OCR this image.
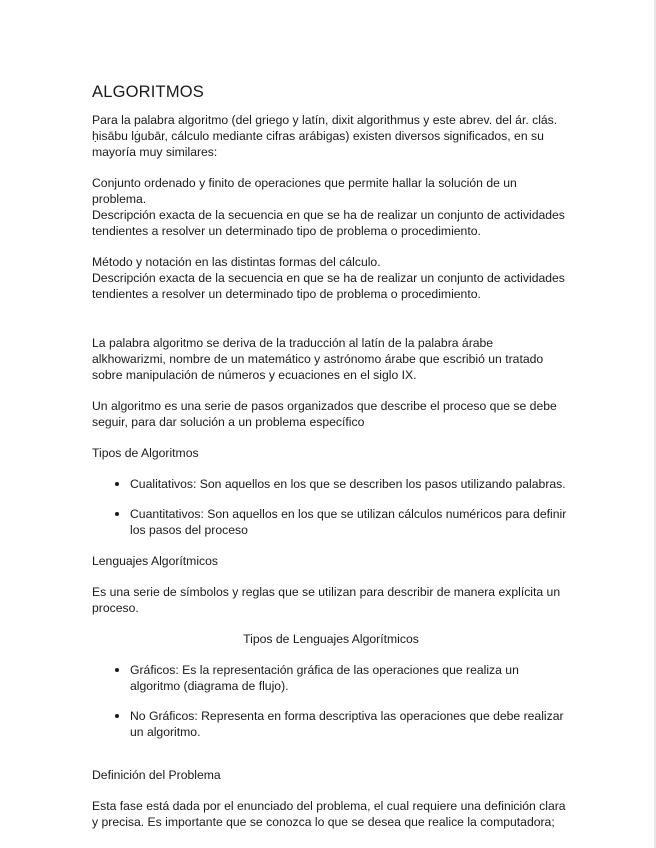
ALGORITMOS

Para la palabra algoritmo (del griego y latín, dixit algorithmus y este abrev. del ár. clás. ḥisābu lġubār, cálculo mediante cifras arábigas) existen diversos significados, en su mayoría muy similares:

Conjunto ordenado y finito de operaciones que permite hallar la solución de un problema.

Descripción exacta de la secuencia en que se ha de realizar un conjunto de actividades tendientes a resolver un determinado tipo de problema o procedimiento.

Método y notación en las distintas formas del cálculo.

Descripción exacta de la secuencia en que se ha de realizar un conjunto de actividades tendientes a resolver un determinado tipo de problema o procedimiento.

La palabra algoritmo se deriva de la traducción al latín de la palabra árabe alkhowarizmi, nombre de un matemático y astrónomo árabe que escribió un tratado sobre manipulación de números y ecuaciones en el siglo IX.

Un algoritmo es una serie de pasos organizados que describe el proceso que se debe seguir, para dar solución a un problema específico

Tipos de Algoritmos

Cualitativos: Son aquellos en los que se describen los pasos utilizando palabras.
Cuantitativos: Son aquellos en los que se utilizan cálculos numéricos para definir los pasos del proceso

Lenguajes Algorítmicos

Es una serie de símbolos y reglas que se utilizan para describir de manera explícita un proceso.

Tipos de Lenguajes Algorítmicos

Gráficos: Es la representación gráfica de las operaciones que realiza un algoritmo (diagrama de flujo).
No Gráficos: Representa en forma descriptiva las operaciones que debe realizar un algoritmo.

Definición del Problema

Esta fase está dada por el enunciado del problema, el cual requiere una definición clara y precisa. Es importante que se conozca lo que se desea que realice la computadora;
